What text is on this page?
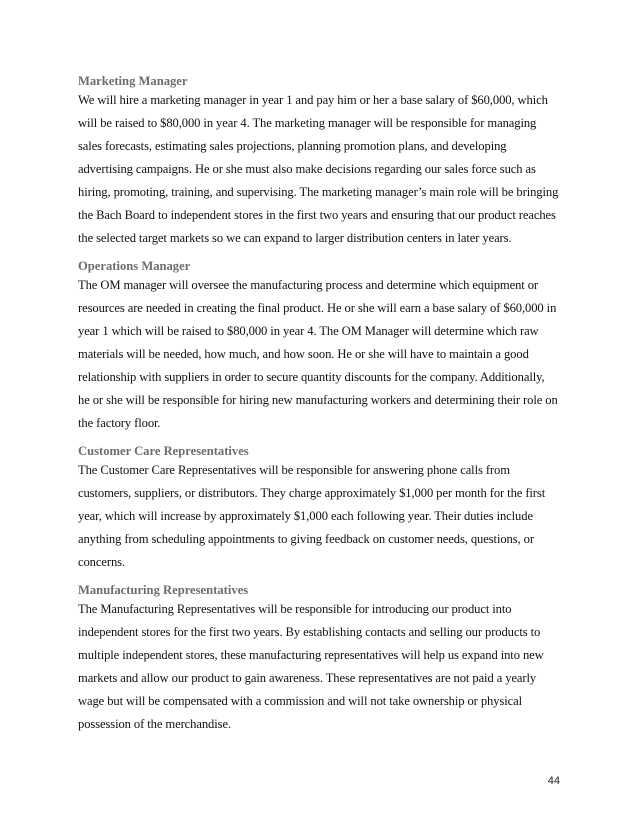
Marketing Manager
We will hire a marketing manager in year 1 and pay him or her a base salary of $60,000, which
will be raised to $80,000 in year 4. The marketing manager will be responsible for managing
sales forecasts, estimating sales projections, planning promotion plans, and developing
advertising campaigns. He or she must also make decisions regarding our sales force such as
hiring, promoting, training, and supervising. The marketing manager’s main role will be bringing
the Bach Board to independent stores in the first two years and ensuring that our product reaches
the selected target markets so we can expand to larger distribution centers in later years.
Operations Manager
The OM manager will oversee the manufacturing process and determine which equipment or
resources are needed in creating the final product. He or she will earn a base salary of $60,000 in
year 1 which will be raised to $80,000 in year 4. The OM Manager will determine which raw
materials will be needed, how much, and how soon. He or she will have to maintain a good
relationship with suppliers in order to secure quantity discounts for the company. Additionally,
he or she will be responsible for hiring new manufacturing workers and determining their role on
the factory floor.
Customer Care Representatives
The Customer Care Representatives will be responsible for answering phone calls from
customers, suppliers, or distributors. They charge approximately $1,000 per month for the first
year, which will increase by approximately $1,000 each following year. Their duties include
anything from scheduling appointments to giving feedback on customer needs, questions, or
concerns.
Manufacturing Representatives
The Manufacturing Representatives will be responsible for introducing our product into
independent stores for the first two years. By establishing contacts and selling our products to
multiple independent stores, these manufacturing representatives will help us expand into new
markets and allow our product to gain awareness. These representatives are not paid a yearly
wage but will be compensated with a commission and will not take ownership or physical
possession of the merchandise.
44
